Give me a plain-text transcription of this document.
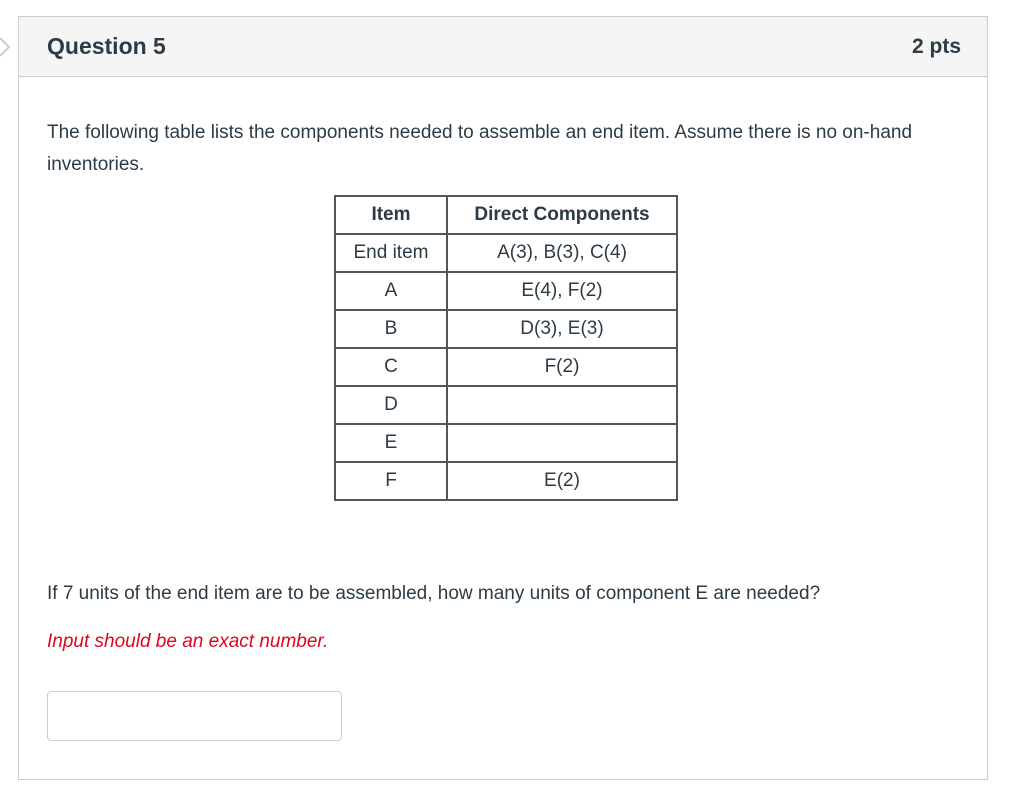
Question 5	2 pts
The following table lists the components needed to assemble an end item. Assume there is no on-hand inventories.
Item	Direct Components
End item	A(3), B(3), C(4)
A	E(4), F(2)
B	D(3), E(3)
C	F(2)
D	
E	
F	E(2)
If 7 units of the end item are to be assembled, how many units of component E are needed?
Input should be an exact number.
